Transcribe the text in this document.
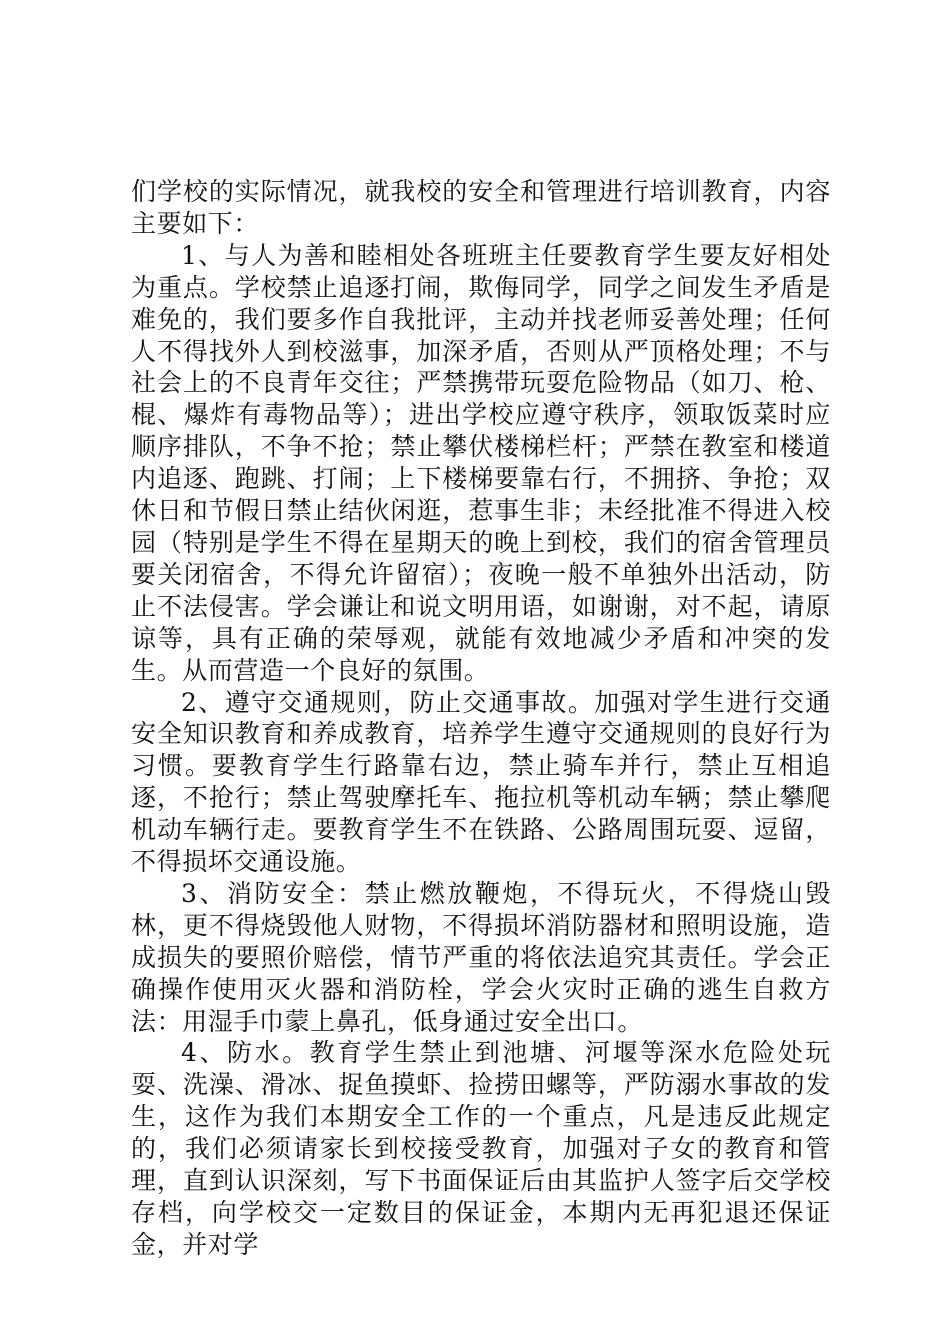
们学校的实际情况，就我校的安全和管理进行培训教育，内容主要如下：

1、与人为善和睦相处各班班主任要教育学生要友好相处为重点。学校禁止追逐打闹，欺侮同学，同学之间发生矛盾是难免的，我们要多作自我批评，主动并找老师妥善处理；任何人不得找外人到校滋事，加深矛盾，否则从严顶格处理；不与社会上的不良青年交往；严禁携带玩耍危险物品（如刀、枪、棍、爆炸有毒物品等）；进出学校应遵守秩序，领取饭菜时应顺序排队，不争不抢；禁止攀伏楼梯栏杆；严禁在教室和楼道内追逐、跑跳、打闹；上下楼梯要靠右行，不拥挤、争抢；双休日和节假日禁止结伙闲逛，惹事生非；未经批准不得进入校园（特别是学生不得在星期天的晚上到校，我们的宿舍管理员要关闭宿舍，不得允许留宿）；夜晚一般不单独外出活动，防止不法侵害。学会谦让和说文明用语，如谢谢，对不起，请原谅等，具有正确的荣辱观，就能有效地减少矛盾和冲突的发生。从而营造一个良好的氛围。

2、遵守交通规则，防止交通事故。加强对学生进行交通安全知识教育和养成教育，培养学生遵守交通规则的良好行为习惯。要教育学生行路靠右边，禁止骑车并行，禁止互相追逐，不抢行；禁止驾驶摩托车、拖拉机等机动车辆；禁止攀爬机动车辆行走。要教育学生不在铁路、公路周围玩耍、逗留，不得损坏交通设施。

3、消防安全：禁止燃放鞭炮，不得玩火，不得烧山毁林，更不得烧毁他人财物，不得损坏消防器材和照明设施，造成损失的要照价赔偿，情节严重的将依法追究其责任。学会正确操作使用灭火器和消防栓，学会火灾时正确的逃生自救方法：用湿手巾蒙上鼻孔，低身通过安全出口。

4、防水。教育学生禁止到池塘、河堰等深水危险处玩耍、洗澡、滑冰、捉鱼摸虾、捡捞田螺等，严防溺水事故的发生，这作为我们本期安全工作的一个重点，凡是违反此规定的，我们必须请家长到校接受教育，加强对子女的教育和管理，直到认识深刻，写下书面保证后由其监护人签字后交学校存档，向学校交一定数目的保证金，本期内无再犯退还保证金，并对学
